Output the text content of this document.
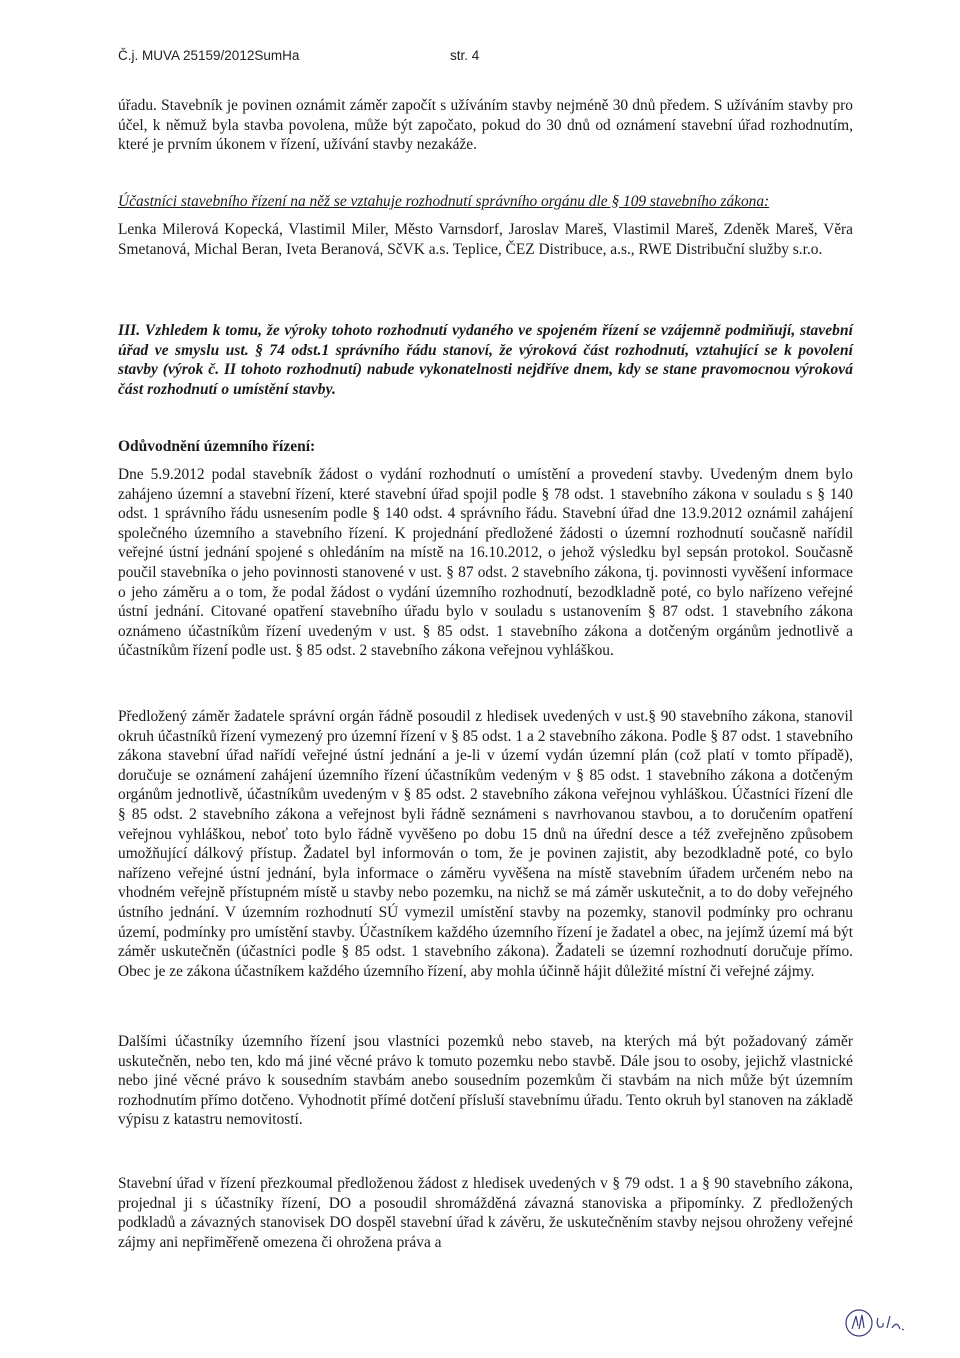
Č.j. MUVA 25159/2012SumHa	str. 4

úřadu. Stavebník je povinen oznámit záměr započít s užíváním stavby nejméně 30 dnů předem. S užíváním stavby pro účel, k němuž byla stavba povolena, může být započato, pokud do 30 dnů od oznámení stavební úřad rozhodnutím, které je prvním úkonem v řízení, užívání stavby nezakáže.

Účastníci stavebního řízení na něž se vztahuje rozhodnutí správního orgánu dle § 109 stavebního zákona:

Lenka Milerová Kopecká, Vlastimil Miler, Město Varnsdorf, Jaroslav Mareš, Vlastimil Mareš, Zdeněk Mareš, Věra Smetanová, Michal Beran, Iveta Beranová, SčVK a.s. Teplice, ČEZ Distribuce, a.s., RWE Distribuční služby s.r.o.

III. Vzhledem k tomu, že výroky tohoto rozhodnutí vydaného ve spojeném řízení se vzájemně podmiňují, stavební úřad ve smyslu ust. § 74 odst.1 správního řádu stanoví, že výroková část rozhodnutí, vztahující se k povolení stavby (výrok č. II tohoto rozhodnutí) nabude vykonatelnosti nejdříve dnem, kdy se stane pravomocnou výroková část rozhodnutí o umístění stavby.

Odůvodnění územního řízení:

Dne 5.9.2012 podal stavebník žádost o vydání rozhodnutí o umístění a provedení stavby. Uvedeným dnem bylo zahájeno územní a stavební řízení, které stavební úřad spojil podle § 78 odst. 1 stavebního zákona v souladu s § 140 odst. 1 správního řádu usnesením podle § 140 odst. 4 správního řádu. Stavební úřad dne 13.9.2012 oznámil zahájení společného územního a stavebního řízení. K projednání předložené žádosti o územní rozhodnutí současně nařídil veřejné ústní jednání spojené s ohledáním na místě na 16.10.2012, o jehož výsledku byl sepsán protokol. Současně poučil stavebníka o jeho povinnosti stanovené v ust. § 87 odst. 2 stavebního zákona, tj. povinnosti vyvěšení informace o jeho záměru a o tom, že podal žádost o vydání územního rozhodnutí, bezodkladně poté, co bylo nařízeno veřejné ústní jednání. Citované opatření stavebního úřadu bylo v souladu s ustanovením § 87 odst. 1 stavebního zákona oznámeno účastníkům řízení uvedeným v ust. § 85 odst. 1 stavebního zákona a dotčeným orgánům jednotlivě a účastníkům řízení podle ust. § 85 odst. 2 stavebního zákona veřejnou vyhláškou.

Předložený záměr žadatele správní orgán řádně posoudil z hledisek uvedených v ust.§ 90 stavebního zákona, stanovil okruh účastníků řízení vymezený pro územní řízení v § 85 odst. 1 a 2 stavebního zákona. Podle § 87 odst. 1 stavebního zákona stavební úřad nařídí veřejné ústní jednání a je-li v území vydán územní plán (což platí v tomto případě), doručuje se oznámení zahájení územního řízení účastníkům vedeným v § 85 odst. 1 stavebního zákona a dotčeným orgánům jednotlivě, účastníkům uvedeným v § 85 odst. 2 stavebního zákona veřejnou vyhláškou. Účastníci řízení dle § 85 odst. 2 stavebního zákona a veřejnost byli řádně seznámeni s navrhovanou stavbou, a to doručením opatření veřejnou vyhláškou, neboť toto bylo řádně vyvěšeno po dobu 15 dnů na úřední desce a též zveřejněno způsobem umožňující dálkový přístup. Žadatel byl informován o tom, že je povinen zajistit, aby bezodkladně poté, co bylo nařízeno veřejné ústní jednání, byla informace o záměru vyvěšena na místě stavebním úřadem určeném nebo na vhodném veřejně přístupném místě u stavby nebo pozemku, na nichž se má záměr uskutečnit, a to do doby veřejného ústního jednání. V územním rozhodnutí SÚ vymezil umístění stavby na pozemky, stanovil podmínky pro ochranu území, podmínky pro umístění stavby. Účastníkem každého územního řízení je žadatel a obec, na jejímž území má být záměr uskutečněn (účastníci podle § 85 odst. 1 stavebního zákona). Žadateli se územní rozhodnutí doručuje přímo. Obec je ze zákona účastníkem každého územního řízení, aby mohla účinně hájit důležité místní či veřejné zájmy.

Dalšími účastníky územního řízení jsou vlastníci pozemků nebo staveb, na kterých má být požadovaný záměr uskutečněn, nebo ten, kdo má jiné věcné právo k tomuto pozemku nebo stavbě. Dále jsou to osoby, jejichž vlastnické nebo jiné věcné právo k sousedním stavbám anebo sousedním pozemkům či stavbám na nich může být územním rozhodnutím přímo dotčeno. Vyhodnotit přímé dotčení přísluší stavebnímu úřadu. Tento okruh byl stanoven na základě výpisu z katastru nemovitostí.

Stavební úřad v řízení přezkoumal předloženou žádost z hledisek uvedených v § 79 odst. 1 a § 90 stavebního zákona, projednal ji s účastníky řízení, DO a posoudil shromážděná závazná stanoviska a připomínky. Z předložených podkladů a závazných stanovisek DO dospěl stavební úřad k závěru, že uskutečněním stavby nejsou ohroženy veřejné zájmy ani nepřiměřeně omezena či ohrožena práva a
